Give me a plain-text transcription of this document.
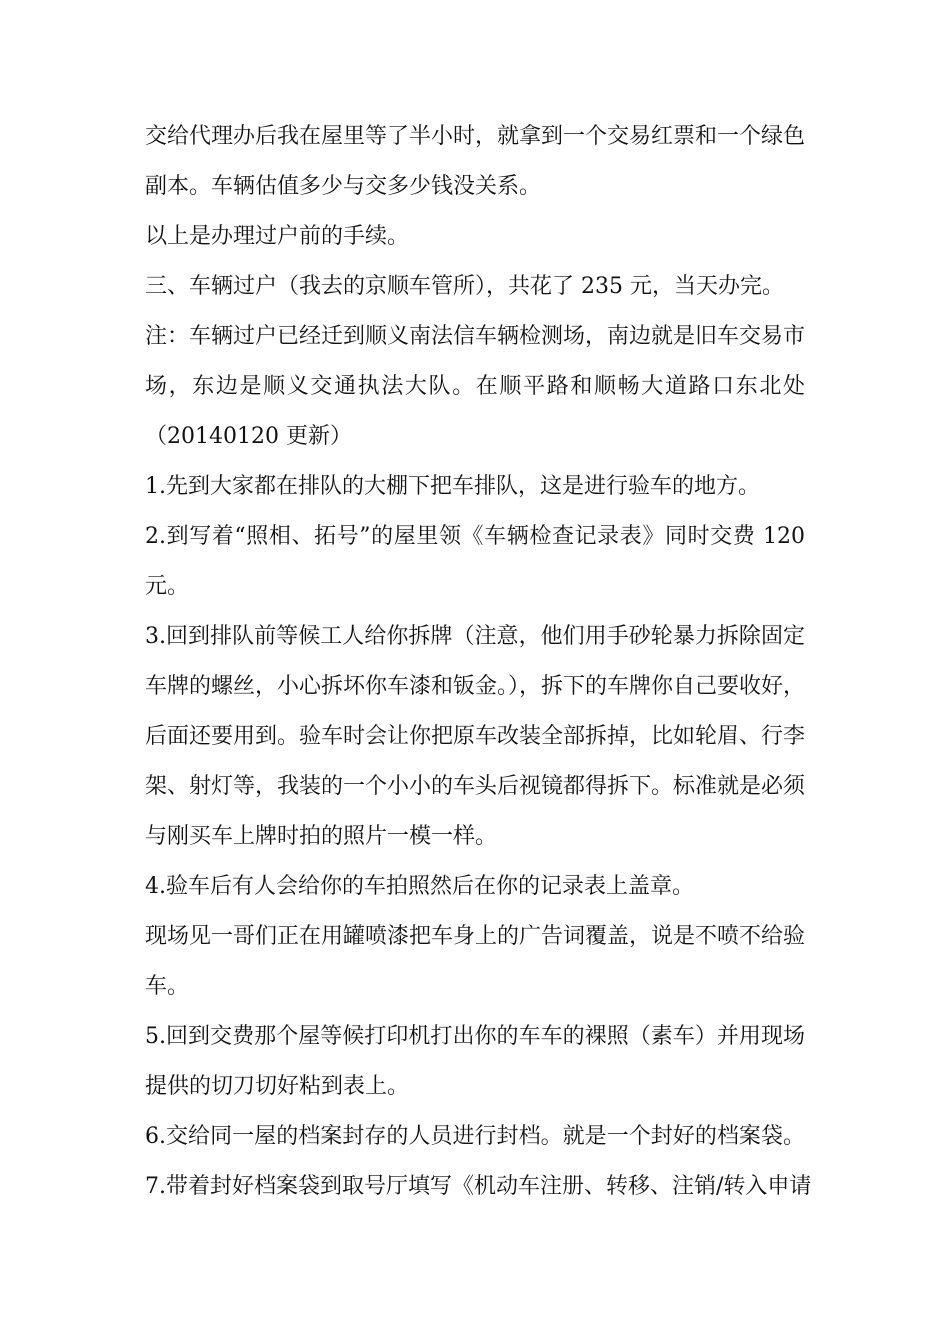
交给代理办后我在屋里等了半小时，就拿到一个交易红票和一个绿色
副本。车辆估值多少与交多少钱没关系。
以上是办理过户前的手续。
三、车辆过户（我去的京顺车管所），共花了 235 元，当天办完。
注：车辆过户已经迁到顺义南法信车辆检测场，南边就是旧车交易市
场，东边是顺义交通执法大队。在顺平路和顺畅大道路口东北处
（20140120 更新）
1.先到大家都在排队的大棚下把车排队，这是进行验车的地方。
2.到写着“照相、拓号”的屋里领《车辆检查记录表》同时交费 120
元。
3.回到排队前等候工人给你拆牌（注意，他们用手砂轮暴力拆除固定
车牌的螺丝，小心拆坏你车漆和钣金。），拆下的车牌你自己要收好，
后面还要用到。验车时会让你把原车改装全部拆掉，比如轮眉、行李
架、射灯等，我装的一个小小的车头后视镜都得拆下。标准就是必须
与刚买车上牌时拍的照片一模一样。
4.验车后有人会给你的车拍照然后在你的记录表上盖章。
现场见一哥们正在用罐喷漆把车身上的广告词覆盖，说是不喷不给验
车。
5.回到交费那个屋等候打印机打出你的车车的裸照（素车）并用现场
提供的切刀切好粘到表上。
6.交给同一屋的档案封存的人员进行封档。就是一个封好的档案袋。
7.带着封好档案袋到取号厅填写《机动车注册、转移、注销/转入申请
